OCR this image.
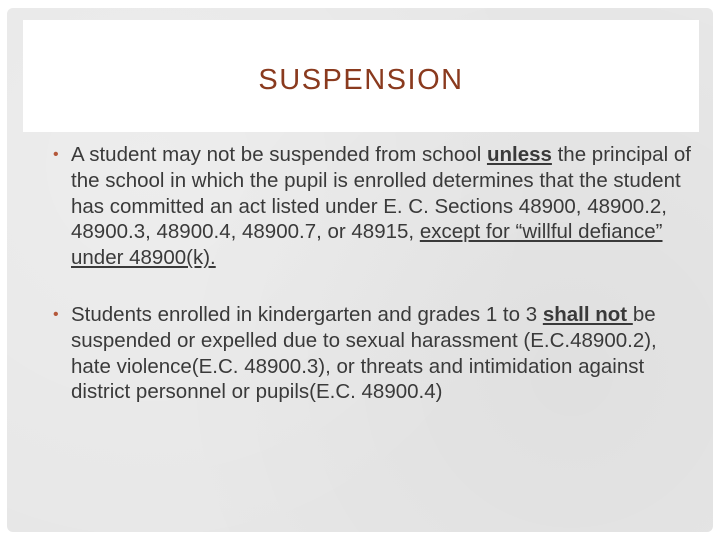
SUSPENSION

• A student may not be suspended from school unless the principal of the school in which the pupil is enrolled determines that the student has committed an act listed under E. C. Sections 48900, 48900.2, 48900.3, 48900.4, 48900.7, or 48915, except for “willful defiance” under 48900(k).

• Students enrolled in kindergarten and grades 1 to 3 shall not be suspended or expelled due to sexual harassment (E.C.48900.2), hate violence(E.C. 48900.3), or threats and intimidation against district personnel or pupils(E.C. 48900.4)
